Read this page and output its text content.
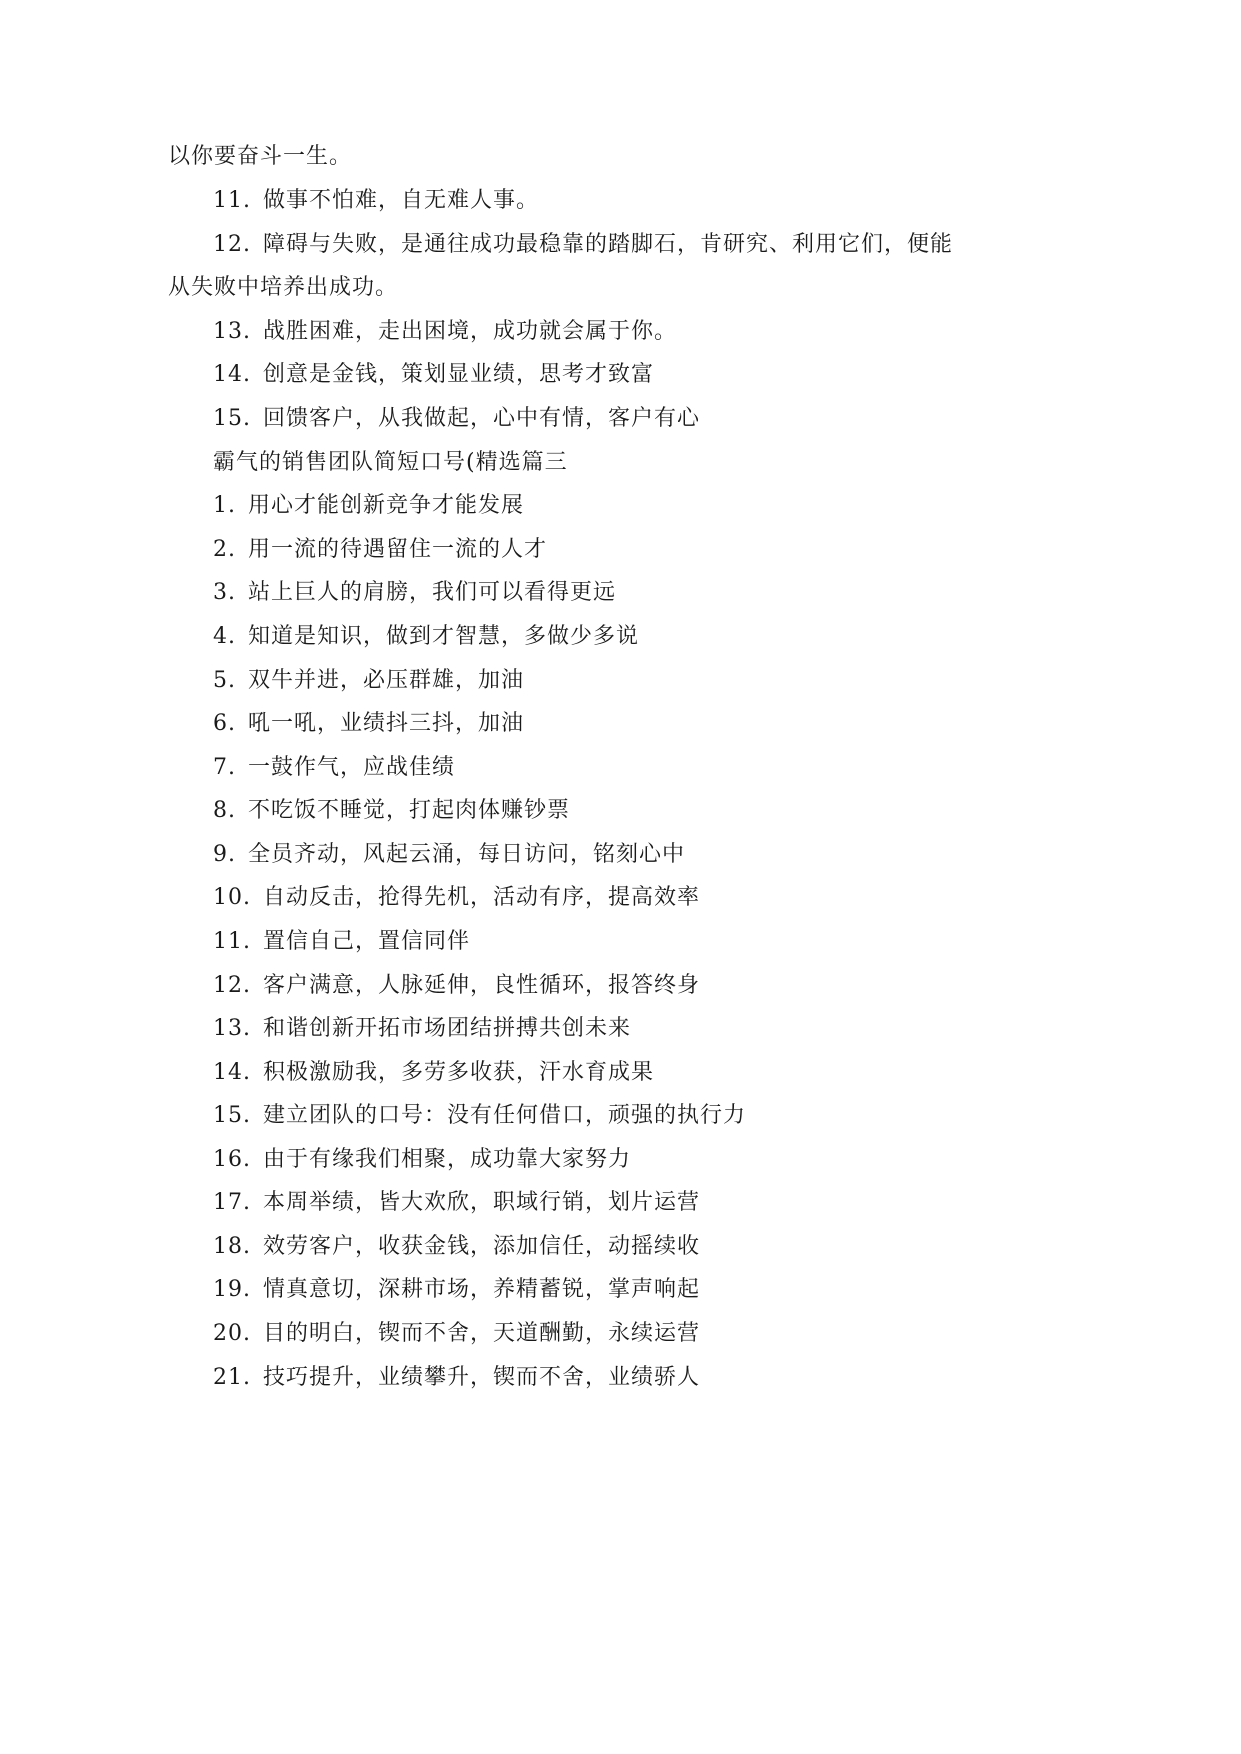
以你要奋斗一生。
11. 做事不怕难，自无难人事。
12. 障碍与失败，是通往成功最稳靠的踏脚石，肯研究、利用它们，便能
从失败中培养出成功。
13. 战胜困难，走出困境，成功就会属于你。
14. 创意是金钱，策划显业绩，思考才致富
15. 回馈客户，从我做起，心中有情，客户有心
霸气的销售团队简短口号(精选篇三
1. 用心才能创新竞争才能发展
2. 用一流的待遇留住一流的人才
3. 站上巨人的肩膀，我们可以看得更远
4. 知道是知识，做到才智慧，多做少多说
5. 双牛并进，必压群雄，加油
6. 吼一吼，业绩抖三抖，加油
7. 一鼓作气，应战佳绩
8. 不吃饭不睡觉，打起肉体赚钞票
9. 全员齐动，风起云涌，每日访问，铭刻心中
10. 自动反击，抢得先机，活动有序，提高效率
11. 置信自己，置信同伴
12. 客户满意，人脉延伸，良性循环，报答终身
13. 和谐创新开拓市场团结拼搏共创未来
14. 积极激励我，多劳多收获，汗水育成果
15. 建立团队的口号：没有任何借口，顽强的执行力
16. 由于有缘我们相聚，成功靠大家努力
17. 本周举绩，皆大欢欣，职域行销，划片运营
18. 效劳客户，收获金钱，添加信任，动摇续收
19. 情真意切，深耕市场，养精蓄锐，掌声响起
20. 目的明白，锲而不舍，天道酬勤，永续运营
21. 技巧提升，业绩攀升，锲而不舍，业绩骄人
